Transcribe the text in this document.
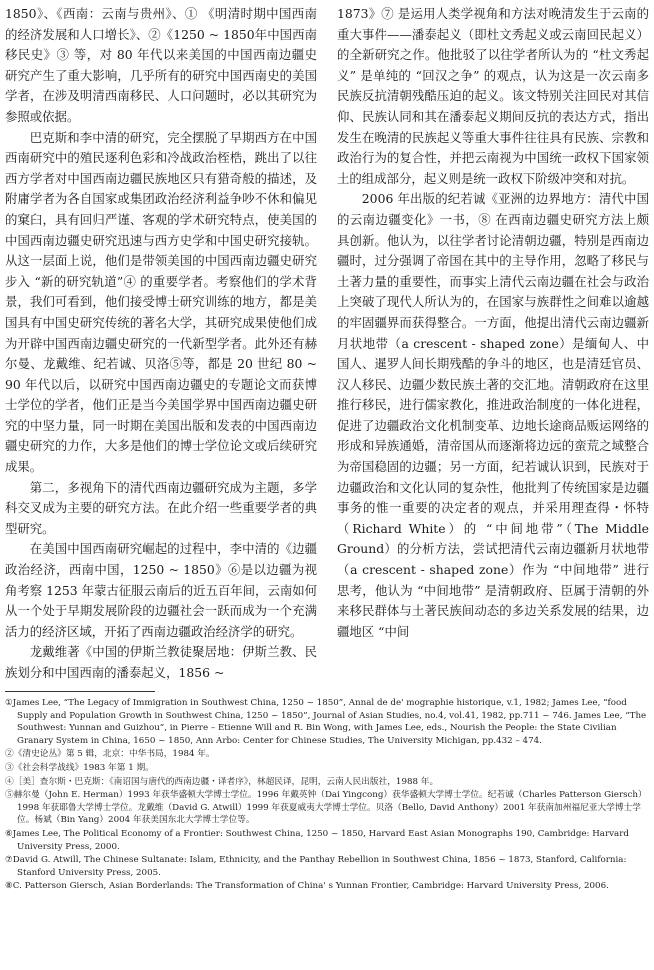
1850》、《西南：云南与贵州》、① 《明清时期中国西南的经济发展和人口增长》、②《1250 ~ 1850年中国西南移民史》③ 等，对 80 年代以来美国的中国西南边疆史研究产生了重大影响，几乎所有的研究中国西南史的美国学者，在涉及明清西南移民、人口问题时，必以其研究为参照或依据。

巴克斯和李中清的研究，完全摆脱了早期西方在中国西南研究中的殖民逐利色彩和冷战政治桎梏，跳出了以往西方学者对中国西南边疆民族地区只有猎奇般的描述，及附庸学者为各自国家或集团政治经济利益争吵不休和偏见的窠臼，具有回归严谨、客观的学术研究特点，使美国的中国西南边疆史研究迅速与西方史学和中国史研究接轨。从这一层面上说，他们是带领美国的中国西南边疆史研究步入 “新的研究轨道”④ 的重要学者。考察他们的学术背景，我们可看到，他们接受博士研究训练的地方，都是美国具有中国史研究传统的著名大学，其研究成果使他们成为开辟中国西南边疆史研究的一代新型学者。此外还有赫尔曼、龙戴维、纪若诚、贝洛⑤等，都是 20 世纪 80 ~ 90 年代以后，以研究中国西南边疆史的专题论文而获博士学位的学者，他们正是当今美国学界中国西南边疆史研究的中坚力量，同一时期在美国出版和发表的中国西南边疆史研究的力作，大多是他们的博士学位论文或后续研究成果。

第二，多视角下的清代西南边疆研究成为主题，多学科交叉成为主要的研究方法。在此介绍一些重要学者的典型研究。

在美国中国西南研究崛起的过程中，李中清的《边疆政治经济，西南中国，1250 ~ 1850》⑥是以边疆为视角考察 1253 年蒙古征服云南后的近五百年间，云南如何从一个处于早期发展阶段的边疆社会一跃而成为一个充满活力的经济区域，开拓了西南边疆政治经济学的研究。

龙戴维著《中国的伊斯兰教徒聚居地：伊斯兰教、民族划分和中国西南的潘泰起义，1856 ~

1873》⑦ 是运用人类学视角和方法对晚清发生于云南的重大事件——潘泰起义（即杜文秀起义或云南回民起义）的全新研究之作。他批驳了以往学者所认为的 “杜文秀起义” 是单纯的 “回汉之争” 的观点，认为这是一次云南多民族反抗清朝残酷压迫的起义。该文特别关注回民对其信仰、民族认同和其在潘泰起义期间反抗的表达方式，指出发生在晚清的民族起义等重大事件往往具有民族、宗教和政治行为的复合性，并把云南视为中国统一政权下国家领土的组成部分，起义则是统一政权下阶级冲突和对抗。

2006 年出版的纪若诚《亚洲的边界地方：清代中国的云南边疆变化》一书，⑧ 在西南边疆史研究方法上颇具创新。他认为，以往学者讨论清朝边疆，特别是西南边疆时，过分强调了帝国在其中的主导作用，忽略了移民与土著力量的重要性，而事实上清代云南边疆在社会与政治上突破了现代人所认为的，在国家与族群性之间难以逾越的牢固疆界而获得整合。一方面，他提出清代云南边疆新月状地带（a crescent - shaped zone）是缅甸人、中国人、暹罗人间长期残酷的争斗的地区，也是清廷官员、汉人移民、边疆少数民族土著的交汇地。清朝政府在这里推行移民，进行儒家教化，推进政治制度的一体化进程，促进了边疆政治文化机制变革、边地长途商品贩运网络的形成和异族通婚，清帝国从而逐渐将边远的蛮荒之域整合为帝国稳固的边疆；另一方面，纪若诚认识到，民族对于边疆政治和文化认同的复杂性，他批判了传统国家是边疆事务的惟一重要的决定者的观点，并采用理查得・怀特（Richard White）的 “中间地带”（The Middle Ground）的分析方法，尝试把清代云南边疆新月状地带（a crescent - shaped zone）作为 “中间地带” 进行思考，他认为 “中间地带” 是清朝政府、臣属于清朝的外来移民群体与土著民族间动态的多边关系发展的结果，边疆地区 “中间

①James Lee, “The Legacy of Immigration in Southwest China, 1250 ~ 1850”, Annal de de' mographie historique, v.1, 1982; James Lee, “food Supply and Population Growth in Southwest China, 1250 ~ 1850”, Journal of Asian Studies, no.4, vol.41, 1982, pp.711 ~ 746. James Lee, “The Southwest: Yunnan and Guizhou”, in Pierre – Etienne Will and R. Bin Wong, with James Lee, eds., Nourish the People: the State Civilian Granary System in China, 1650 ~ 1850, Ann Arbo: Center for Chinese Studies, The University Michigan, pp.432 – 474.

②《清史论丛》第 5 辑，北京：中华书局，1984 年。

③《社会科学战线》1983 年第 1 期。

④［美］查尔斯・巴克斯：《南诏国与唐代的西南边疆・译者序》，林超民译，昆明，云南人民出版社，1988 年。

⑤赫尔曼（John E. Herman）1993 年获华盛顿大学博士学位。1996 年戴英钟（Dai Yingcong）获华盛顿大学博士学位。纪若诚（Charles Patterson Giersch）1998 年获耶鲁大学博士学位。龙戴维（David G. Atwill）1999 年获夏威夷大学博士学位。贝洛（Bello, David Anthony）2001 年获南加州福尼亚大学博士学位。杨斌（Bin Yang）2004 年获美国东北大学博士学位等。

⑥James Lee, The Political Economy of a Frontier: Southwest China, 1250 ~ 1850, Harvard East Asian Monographs 190, Cambridge: Harvard University Press, 2000.

⑦David G. Atwill, The Chinese Sultanate: Islam, Ethnicity, and the Panthay Rebellion in Southwest China, 1856 ~ 1873, Stanford, California: Stanford University Press, 2005.

⑧C. Patterson Giersch, Asian Borderlands: The Transformation of China' s Yunnan Frontier, Cambridge: Harvard University Press, 2006.
